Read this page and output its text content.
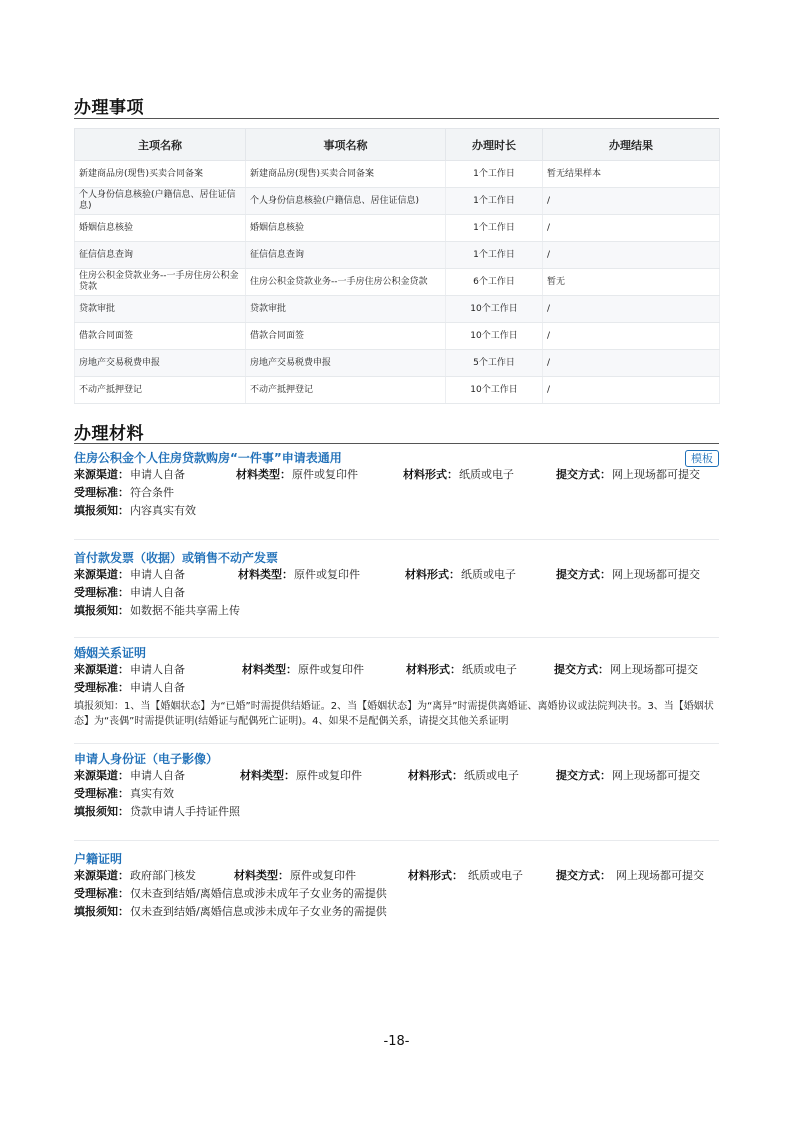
办理事项
主项名称	事项名称	办理时长	办理结果
新建商品房(现售)买卖合同备案	新建商品房(现售)买卖合同备案	1个工作日	暂无结果样本
个人身份信息核验(户籍信息、居住证信息)	个人身份信息核验(户籍信息、居住证信息)	1个工作日	/
婚姻信息核验	婚姻信息核验	1个工作日	/
征信信息查询	征信信息查询	1个工作日	/
住房公积金贷款业务--一手房住房公积金贷款	住房公积金贷款业务--一手房住房公积金贷款	6个工作日	暂无
贷款审批	贷款审批	10个工作日	/
借款合同面签	借款合同面签	10个工作日	/
房地产交易税费申报	房地产交易税费申报	5个工作日	/
不动产抵押登记	不动产抵押登记	10个工作日	/
办理材料
住房公积金个人住房贷款购房“一件事”申请表通用	模板
来源渠道： 申请人自备	材料类型： 原件或复印件	材料形式： 纸质或电子	提交方式： 网上现场都可提交
受理标准： 符合条件
填报须知： 内容真实有效
首付款发票（收据）或销售不动产发票
来源渠道： 申请人自备	材料类型： 原件或复印件	材料形式： 纸质或电子	提交方式： 网上现场都可提交
受理标准： 申请人自备
填报须知： 如数据不能共享需上传
婚姻关系证明
来源渠道： 申请人自备	材料类型： 原件或复印件	材料形式： 纸质或电子	提交方式： 网上现场都可提交
受理标准： 申请人自备
填报须知：1、当【婚姻状态】为“已婚”时需提供结婚证。2、当【婚姻状态】为“离异”时需提供离婚证、离婚协议或法院判决书。3、当【婚姻状态】为“丧偶”时需提供证明(结婚证与配偶死亡证明)。4、如果不是配偶关系，请提交其他关系证明
申请人身份证（电子影像）
来源渠道： 申请人自备	材料类型： 原件或复印件	材料形式： 纸质或电子	提交方式： 网上现场都可提交
受理标准： 真实有效
填报须知： 贷款申请人手持证件照
户籍证明
来源渠道： 政府部门核发	材料类型： 原件或复印件	材料形式： 纸质或电子	提交方式： 网上现场都可提交
受理标准： 仅未查到结婚/离婚信息或涉未成年子女业务的需提供
填报须知： 仅未查到结婚/离婚信息或涉未成年子女业务的需提供
-18-
